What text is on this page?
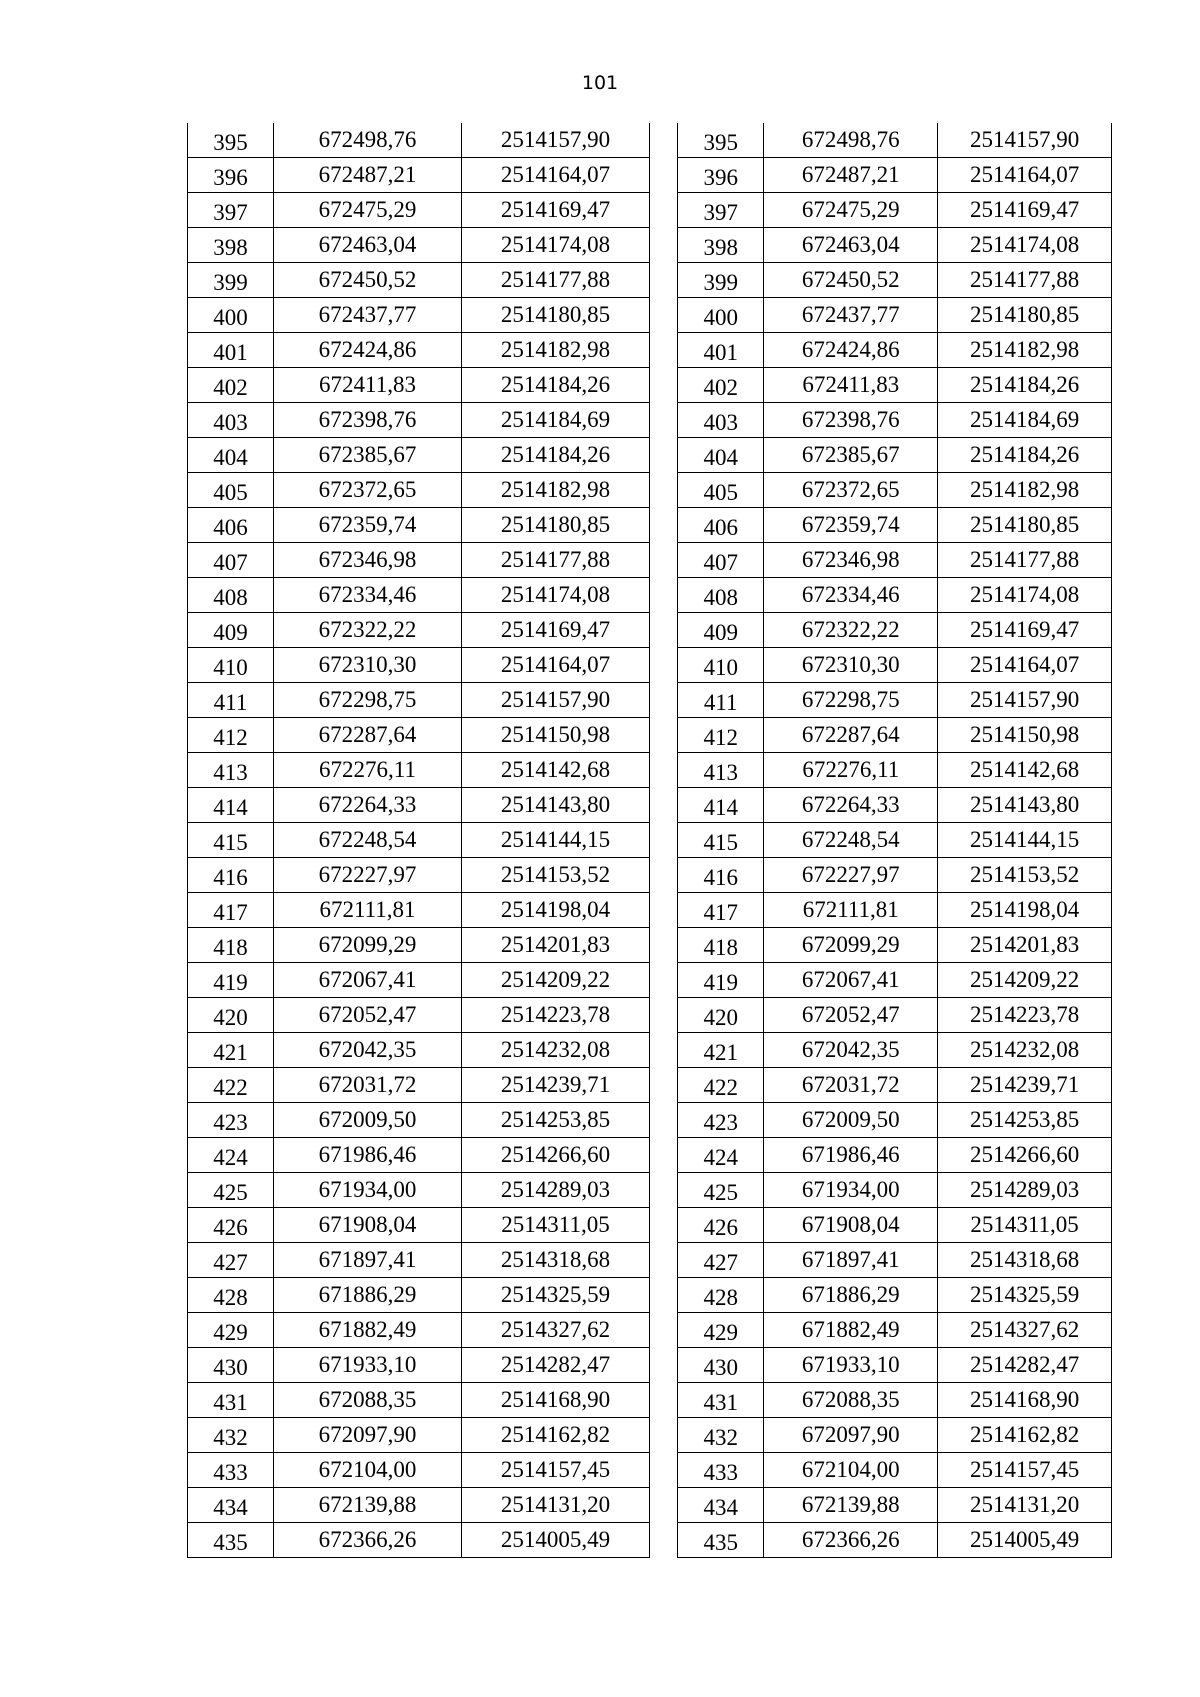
101
395	672498,76	2514157,90
396	672487,21	2514164,07
397	672475,29	2514169,47
398	672463,04	2514174,08
399	672450,52	2514177,88
400	672437,77	2514180,85
401	672424,86	2514182,98
402	672411,83	2514184,26
403	672398,76	2514184,69
404	672385,67	2514184,26
405	672372,65	2514182,98
406	672359,74	2514180,85
407	672346,98	2514177,88
408	672334,46	2514174,08
409	672322,22	2514169,47
410	672310,30	2514164,07
411	672298,75	2514157,90
412	672287,64	2514150,98
413	672276,11	2514142,68
414	672264,33	2514143,80
415	672248,54	2514144,15
416	672227,97	2514153,52
417	672111,81	2514198,04
418	672099,29	2514201,83
419	672067,41	2514209,22
420	672052,47	2514223,78
421	672042,35	2514232,08
422	672031,72	2514239,71
423	672009,50	2514253,85
424	671986,46	2514266,60
425	671934,00	2514289,03
426	671908,04	2514311,05
427	671897,41	2514318,68
428	671886,29	2514325,59
429	671882,49	2514327,62
430	671933,10	2514282,47
431	672088,35	2514168,90
432	672097,90	2514162,82
433	672104,00	2514157,45
434	672139,88	2514131,20
435	672366,26	2514005,49
395	672498,76	2514157,90
396	672487,21	2514164,07
397	672475,29	2514169,47
398	672463,04	2514174,08
399	672450,52	2514177,88
400	672437,77	2514180,85
401	672424,86	2514182,98
402	672411,83	2514184,26
403	672398,76	2514184,69
404	672385,67	2514184,26
405	672372,65	2514182,98
406	672359,74	2514180,85
407	672346,98	2514177,88
408	672334,46	2514174,08
409	672322,22	2514169,47
410	672310,30	2514164,07
411	672298,75	2514157,90
412	672287,64	2514150,98
413	672276,11	2514142,68
414	672264,33	2514143,80
415	672248,54	2514144,15
416	672227,97	2514153,52
417	672111,81	2514198,04
418	672099,29	2514201,83
419	672067,41	2514209,22
420	672052,47	2514223,78
421	672042,35	2514232,08
422	672031,72	2514239,71
423	672009,50	2514253,85
424	671986,46	2514266,60
425	671934,00	2514289,03
426	671908,04	2514311,05
427	671897,41	2514318,68
428	671886,29	2514325,59
429	671882,49	2514327,62
430	671933,10	2514282,47
431	672088,35	2514168,90
432	672097,90	2514162,82
433	672104,00	2514157,45
434	672139,88	2514131,20
435	672366,26	2514005,49
